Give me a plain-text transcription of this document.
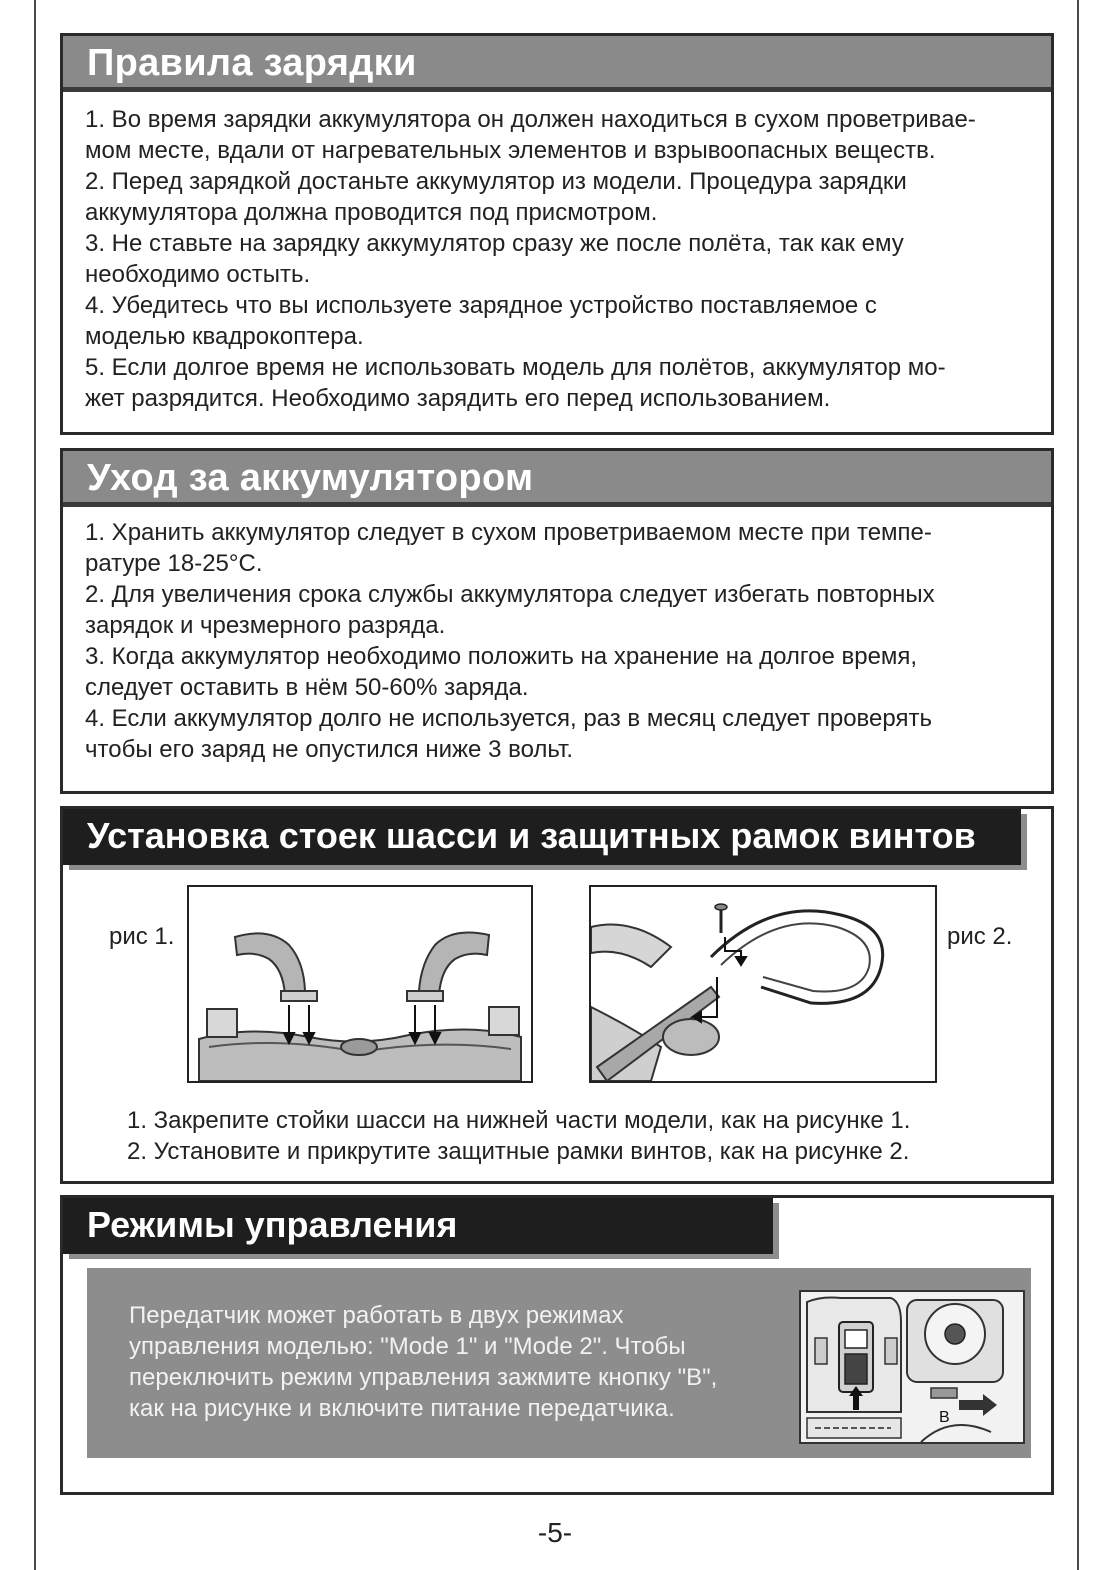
Правила зарядки

1. Во время зарядки аккумулятора он должен находиться в сухом проветривае-

мом месте, вдали от нагревательных элементов и взрывоопасных веществ.

2. Перед зарядкой достаньте аккумулятор из модели. Процедура зарядки

аккумулятора должна проводится под присмотром.

3. Не ставьте на зарядку аккумулятор сразу же после полёта, так как ему

необходимо остыть.

4. Убедитесь что вы используете зарядное устройство поставляемое с

моделью квадрокоптера.

5. Если долгое время не использовать модель для полётов, аккумулятор мо-

жет разрядится. Необходимо зарядить его перед использованием.

Уход за аккумулятором

1. Хранить аккумулятор следует в сухом проветриваемом месте при темпе-

ратуре 18-25°C.

2. Для увеличения срока службы аккумулятора следует избегать повторных

зарядок и чрезмерного разряда.

3. Когда аккумулятор необходимо положить на хранение на долгое время,

следует оставить в нём 50-60% заряда.

4. Если аккумулятор долго не используется, раз в месяц следует проверять

чтобы его заряд не опустился ниже 3 вольт.

Установка стоек шасси и защитных рамок винтов
рис 1.	рис 2.

1. Закрепите стойки шасси на нижней части модели, как на рисунке 1.

2. Установите и прикрутите защитные рамки винтов, как на рисунке 2.

Режимы управления

Передатчик может работать в двух режимах

управления моделью: "Mode 1" и "Mode 2". Чтобы

переключить режим управления зажмите кнопку "B",

как на рисунке и включите питание передатчика.	B
-5-
